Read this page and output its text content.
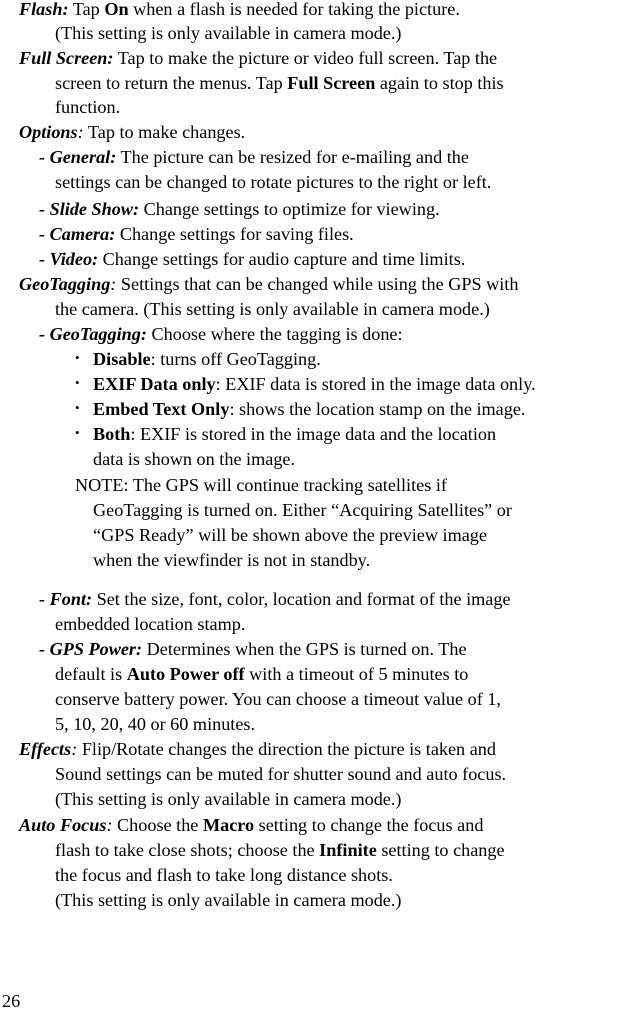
Flash: Tap On when a flash is needed for taking the picture.
(This setting is only available in camera mode.)
Full Screen: Tap to make the picture or video full screen. Tap the
screen to return the menus. Tap Full Screen again to stop this
function.
Options: Tap to make changes.
- General: The picture can be resized for e-mailing and the
settings can be changed to rotate pictures to the right or left.
- Slide Show: Change settings to optimize for viewing.
- Camera: Change settings for saving files.
- Video: Change settings for audio capture and time limits.
GeoTagging: Settings that can be changed while using the GPS with
the camera. (This setting is only available in camera mode.)
- GeoTagging: Choose where the tagging is done:
• Disable: turns off GeoTagging.
• EXIF Data only: EXIF data is stored in the image data only.
• Embed Text Only: shows the location stamp on the image.
• Both: EXIF is stored in the image data and the location
data is shown on the image.
NOTE: The GPS will continue tracking satellites if
GeoTagging is turned on. Either “Acquiring Satellites” or
“GPS Ready” will be shown above the preview image
when the viewfinder is not in standby.
- Font: Set the size, font, color, location and format of the image
embedded location stamp.
- GPS Power: Determines when the GPS is turned on. The
default is Auto Power off with a timeout of 5 minutes to
conserve battery power. You can choose a timeout value of 1,
5, 10, 20, 40 or 60 minutes.
Effects: Flip/Rotate changes the direction the picture is taken and
Sound settings can be muted for shutter sound and auto focus.
(This setting is only available in camera mode.)
Auto Focus: Choose the Macro setting to change the focus and
flash to take close shots; choose the Infinite setting to change
the focus and flash to take long distance shots.
(This setting is only available in camera mode.)
26
